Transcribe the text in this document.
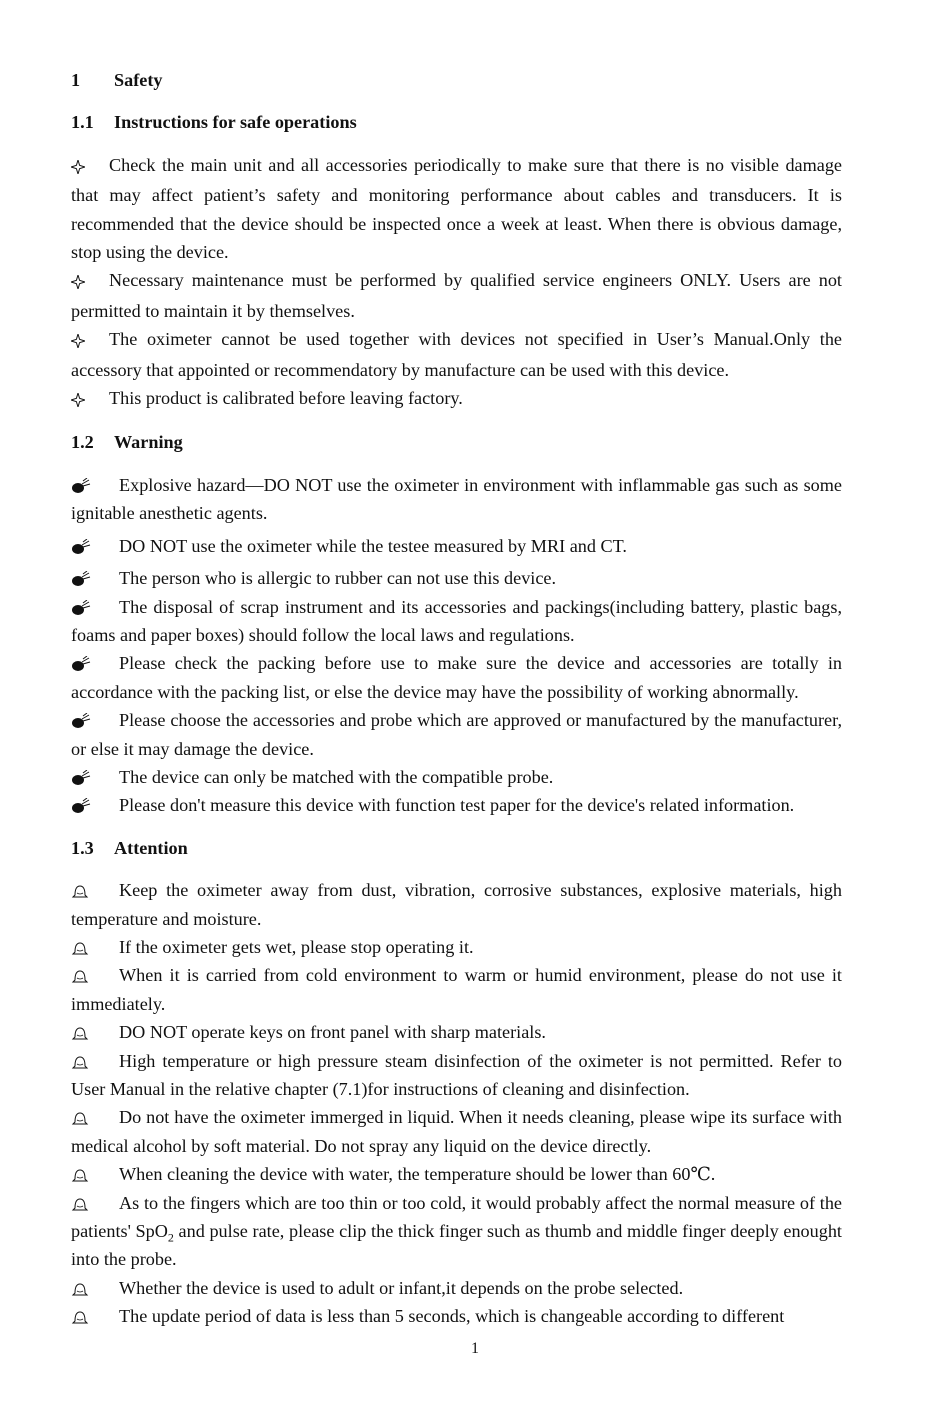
1 Safety
1.1 Instructions for safe operations

Check the main unit and all accessories periodically to make sure that there is no visible damage that may affect patient’s safety and monitoring performance about cables and transducers. It is recommended that the device should be inspected once a week at least. When there is obvious damage, stop using the device.

Necessary maintenance must be performed by qualified service engineers ONLY. Users are not permitted to maintain it by themselves.

The oximeter cannot be used together with devices not specified in User’s Manual.Only the accessory that appointed or recommendatory by manufacture can be used with this device.

This product is calibrated before leaving factory.

1.2 Warning

Explosive hazard—DO NOT use the oximeter in environment with inflammable gas such as some ignitable anesthetic agents.

DO NOT use the oximeter while the testee measured by MRI and CT.

The person who is allergic to rubber can not use this device.

The disposal of scrap instrument and its accessories and packings(including battery, plastic bags, foams and paper boxes) should follow the local laws and regulations.

Please check the packing before use to make sure the device and accessories are totally in accordance with the packing list, or else the device may have the possibility of working abnormally.

Please choose the accessories and probe which are approved or manufactured by the manufacturer, or else it may damage the device.

The device can only be matched with the compatible probe.

Please don't measure this device with function test paper for the device's related information.

1.3 Attention

Keep the oximeter away from dust, vibration, corrosive substances, explosive materials, high temperature and moisture.

If the oximeter gets wet, please stop operating it.

When it is carried from cold environment to warm or humid environment, please do not use it immediately.

DO NOT operate keys on front panel with sharp materials.

High temperature or high pressure steam disinfection of the oximeter is not permitted. Refer to User Manual in the relative chapter (7.1)for instructions of cleaning and disinfection.

Do not have the oximeter immerged in liquid. When it needs cleaning, please wipe its surface with medical alcohol by soft material. Do not spray any liquid on the device directly.

When cleaning the device with water, the temperature should be lower than 60℃.

As to the fingers which are too thin or too cold, it would probably affect the normal measure of the patients' SpO$_2$ and pulse rate, please clip the thick finger such as thumb and middle finger deeply enought into the probe.

Whether the device is used to adult or infant,it depends on the probe selected.

The update period of data is less than 5 seconds, which is changeable according to different

1
